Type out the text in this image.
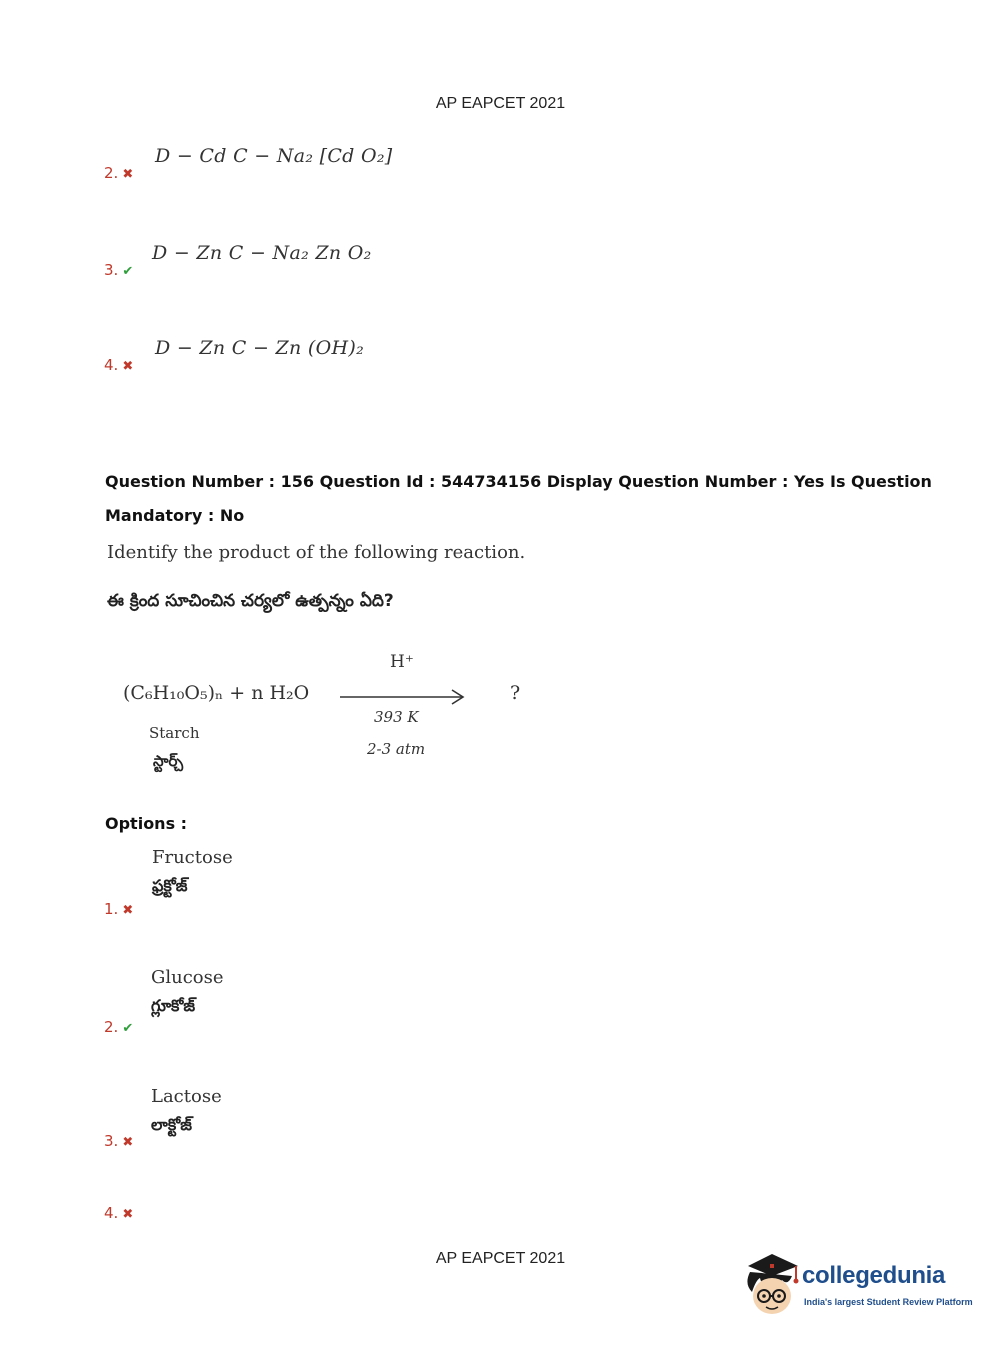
AP EAPCET 2021
D − Cd C − Na₂ [Cd O₂]
2. ✖
D − Zn C − Na₂ Zn O₂
3. ✔
D − Zn C − Zn (OH)₂
4. ✖
Question Number : 156 Question Id : 544734156 Display Question Number : Yes Is Question
Mandatory : No
Identify the product of the following reaction.
ఈ క్రింద సూచించిన చర్యలో ఉత్పన్నం ఏది?
(C₆H₁₀O₅)ₙ + n H₂O
H⁺
?
393 K
2-3 atm
Starch
స్టార్చ్
Options :
Fructose
ఫ్రక్టోజ్
1. ✖
Glucose
గ్లూకోజ్
2. ✔
Lactose
లాక్టోజ్
3. ✖
4. ✖
AP EAPCET 2021
collegedunia
India's largest Student Review Platform
